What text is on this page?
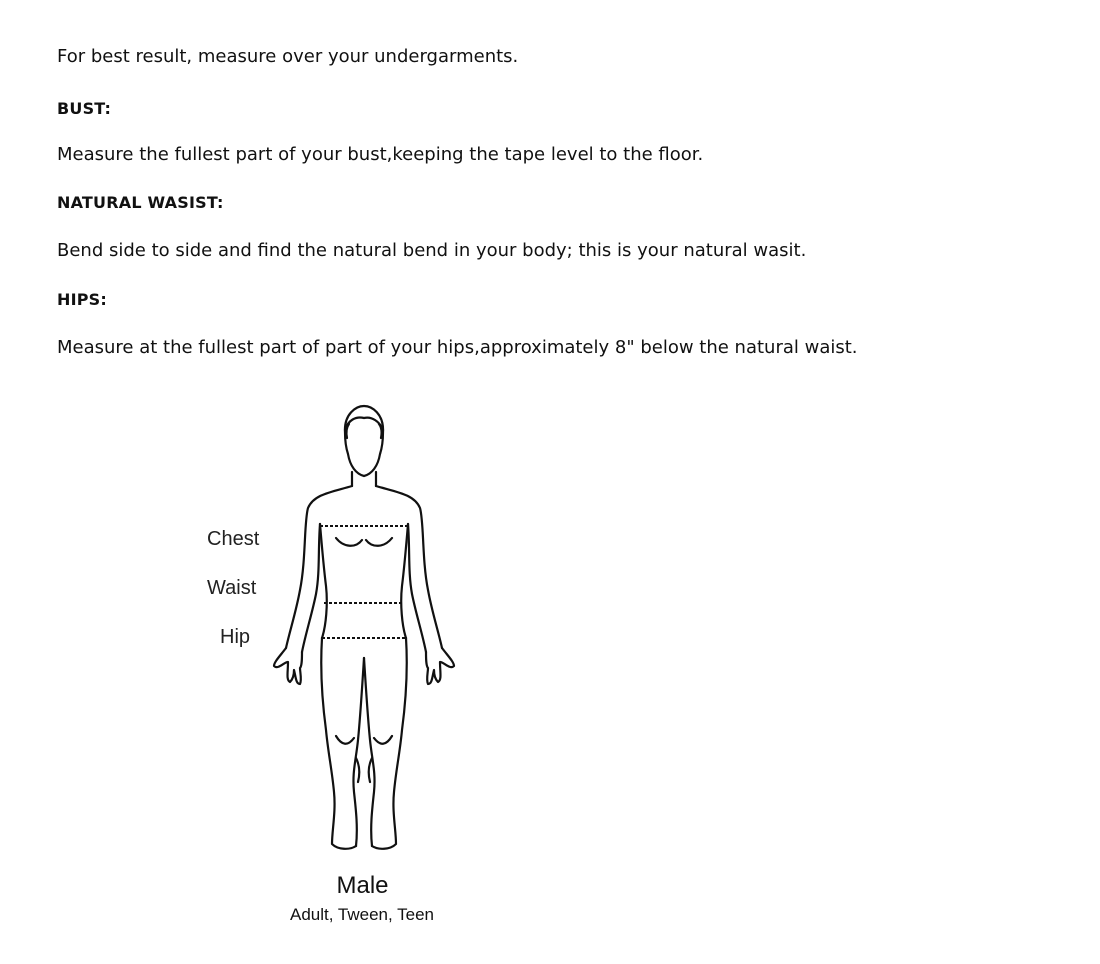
For best result, measure over your undergarments.
BUST:
Measure the fullest part of your bust,keeping the tape level to the floor.
NATURAL WASIST:
Bend side to side and find the natural bend in your body; this is your natural wasit.
HIPS:
Measure at the fullest part of part of your hips,approximately 8" below the natural waist.
Chest
Waist
Hip
Male
Adult, Tween, Teen
